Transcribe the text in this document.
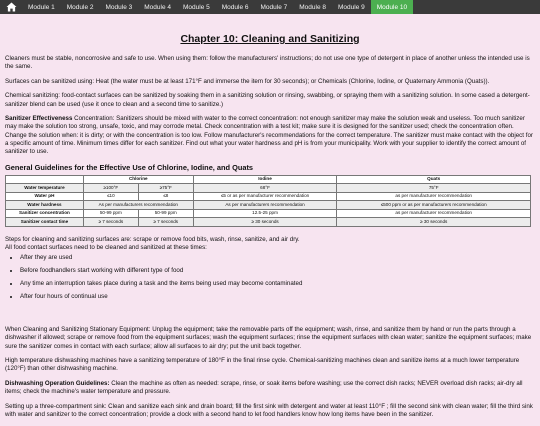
Module 1	Module 2	Module 3	Module 4	Module 5	Module 6	Module 7	Module 8	Module 9	Module 10
Chapter 10: Cleaning and Sanitizing

Cleaners must be stable, noncorrosive and safe to use. When using them: follow the manufacturers' instructions; do not use one type of detergent in place of another unless the intended use is the same.

Surfaces can be sanitized using: Heat (the water must be at least 171°F and immerse the item for 30 seconds); or Chemicals (Chlorine, Iodine, or Quaternary Ammonia (Quats)).

Chemical sanitizing: food-contact surfaces can be sanitized by soaking them in a sanitizing solution or rinsing, swabbing, or spraying them with a sanitizing solution. In some cased a detergent-sanitizer blend can be used (use it once to clean and a second time to sanitize.)

Sanitizer Effectiveness Concentration: Sanitizers should be mixed with water to the correct concentration: not enough sanitizer may make the solution weak and useless. Too much sanitizer may make the solution too strong, unsafe, toxic, and may corrode metal. Check concentration with a test kit; make sure it is designed for the sanitizer used; check the concentration often. Change the solution when: it is dirty; or with the concentration is too low. Follow manufacturer's recommendations for the correct temperature. The sanitizer must make contact with the object for a specific amount of time. Minimum times differ for each sanitizer. Find out what your water hardness and pH is from your municipality. Work with your supplier to identify the correct amount of sanitizer to use.

General Guidelines for the Effective Use of Chlorine, Iodine, and Quats
	Chlorine		Iodine	Quats
Water temperature	≥100°F	≥75°F	68°F	75°F
Water pH	≤10	≤8	≤5 or as per manufacturer recommendation	as per manufacturer recommendation
Water hardness	As per manufacturers recommendation		As per manufacturers recommendation	≤500 ppm or as per manufacturers recommendation
Sanitizer concentration	50-99 ppm	50-99 ppm	12.5-25 ppm	as per manufacturer recommendation
Sanitizer contact time	≥ 7 seconds	≥ 7 seconds	≥ 30 seconds	≥ 30 seconds
Steps for cleaning and sanitizing surfaces are: scrape or remove food bits, wash, rinse, sanitize, and air dry.
All food contact surfaces need to be cleaned and sanitized at these times:
• After they are used
• Before foodhandlers start working with different type of food
• Any time an interruption takes place during a task and the items being used may become contaminated
• After four hours of continual use

When Cleaning and Sanitizing Stationary Equipment: Unplug the equipment; take the removable parts off the equipment; wash, rinse, and sanitize them by hand or run the parts through a dishwasher if allowed; scrape or remove food from the equipment surfaces; wash the equipment surfaces; rinse the equipment surfaces with clean water; sanitize the equipment surfaces; make sure the sanitizer comes in contact with each surface; allow all surfaces to air dry; put the unit back together.

High temperature dishwashing machines have a sanitizing temperature of 180°F in the final rinse cycle. Chemical-sanitizing machines clean and sanitize items at a much lower temperature (120°F) than other dishwashing machine.

Dishwashing Operation Guidelines: Clean the machine as often as needed: scrape, rinse, or soak items before washing; use the correct dish racks; NEVER overload dish racks; air-dry all items; check the machine's water temperature and pressure.

Setting up a three-compartment sink: Clean and sanitize each sink and drain board; fill the first sink with detergent and water at least 110°F ; fill the second sink with clean water; fill the third sink with water and sanitizer to the correct concentration; provide a clock with a second hand to let food handlers know how long items have been in the sanitizer.
